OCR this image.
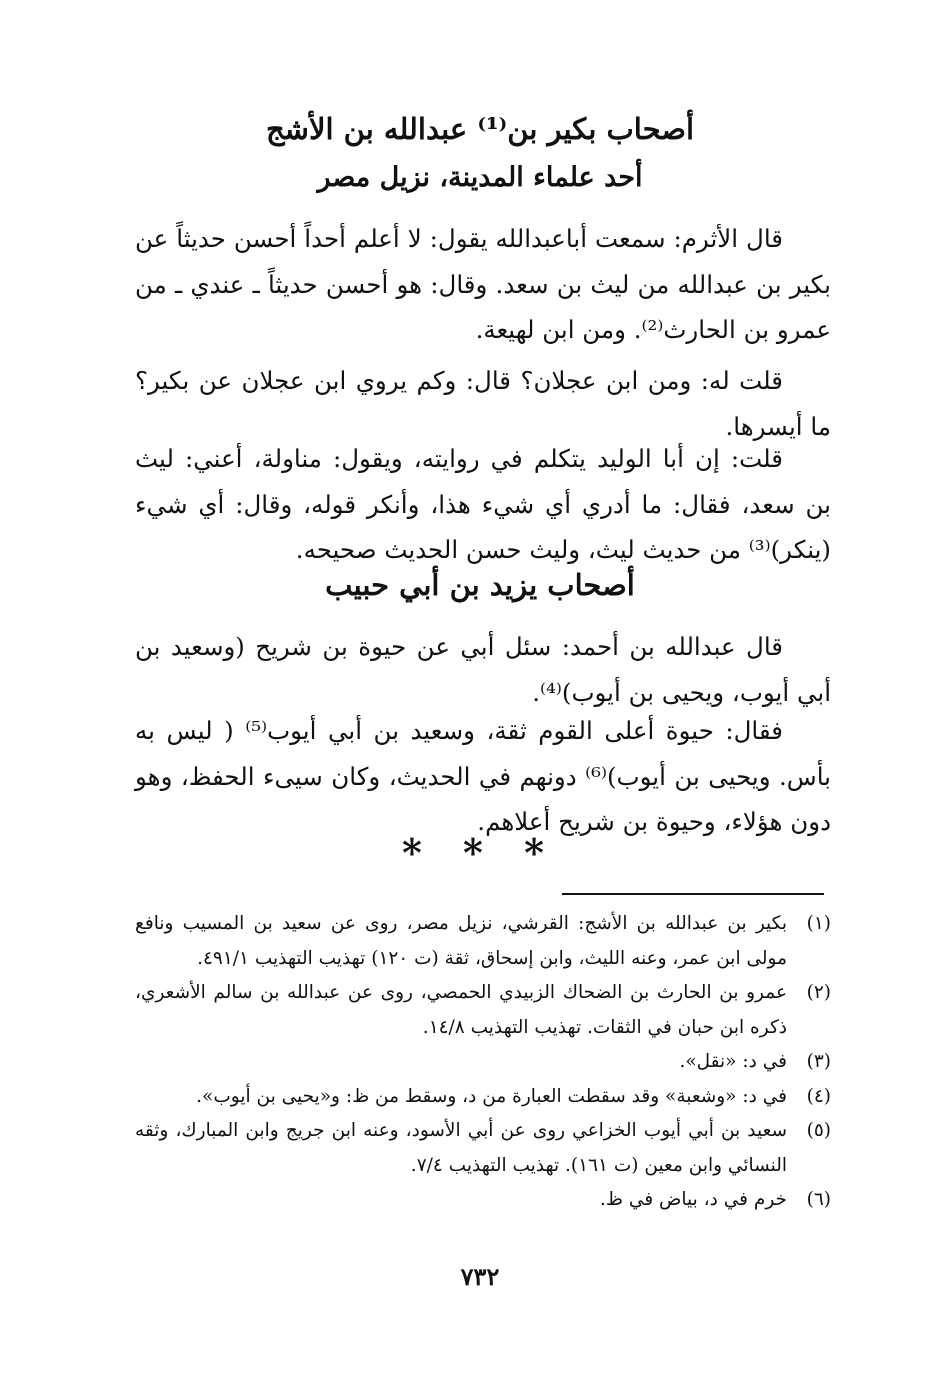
أصحاب بكير بن⁽¹⁾ عبدالله بن الأشج
أحد علماء المدينة، نزيل مصر

قال الأثرم: سمعت أباعبدالله يقول: لا أعلم أحداً أحسن حديثاً عن بكير بن عبدالله من ليث بن سعد. وقال: هو أحسن حديثاً ـ عندي ـ من عمرو بن الحارث⁽²⁾. ومن ابن لهيعة.

قلت له: ومن ابن عجلان؟ قال: وكم يروي ابن عجلان عن بكير؟ ما أيسرها.

قلت: إن أبا الوليد يتكلم في روايته، ويقول: مناولة، أعني: ليث بن سعد، فقال: ما أدري أي شيء هذا، وأنكر قوله، وقال: أي شيء (ينكر)⁽³⁾ من حديث ليث، وليث حسن الحديث صحيحه.

أصحاب يزيد بن أبي حبيب

قال عبدالله بن أحمد: سئل أبي عن حيوة بن شريح (وسعيد بن أبي أيوب، ويحيى بن أيوب)⁽⁴⁾.

فقال: حيوة أعلى القوم ثقة، وسعيد بن أبي أيوب⁽⁵⁾ ( ليس به بأس. ويحيى بن أيوب)⁽⁶⁾ دونهم في الحديث، وكان سيىء الحفظ، وهو دون هؤلاء، وحيوة بن شريح أعلاهم.

* * *
(١)
بكير بن عبدالله بن الأشج: القرشي، نزيل مصر، روى عن سعيد بن المسيب ونافع مولى ابن عمر، وعنه الليث، وابن إسحاق، ثقة (ت ١٢٠) تهذيب التهذيب ٤٩١/١.
(٢)
عمرو بن الحارث بن الضحاك الزبيدي الحمصي، روى عن عبدالله بن سالم الأشعري، ذكره ابن حبان في الثقات. تهذيب التهذيب ١٤/٨.
(٣)
في د: «نقل».
(٤)
في د: «وشعبة» وقد سقطت العبارة من د، وسقط من ظ: و«يحيى بن أيوب».
(٥)
سعيد بن أبي أيوب الخزاعي روى عن أبي الأسود، وعنه ابن جريج وابن المبارك، وثقه النسائي وابن معين (ت ١٦١). تهذيب التهذيب ٧/٤.
(٦)
خرم في د، بياض في ظ.
٧٣٢
